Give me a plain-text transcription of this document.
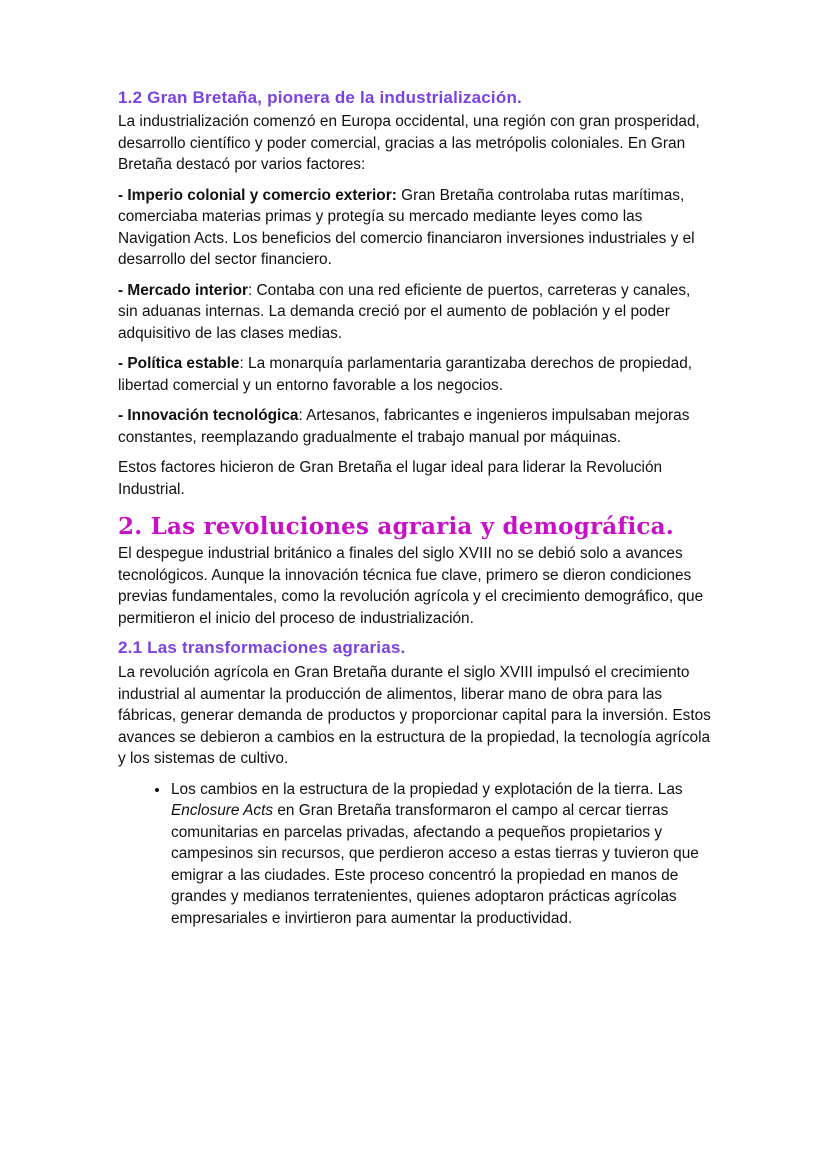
1.2 Gran Bretaña, pionera de la industrialización.

La industrialización comenzó en Europa occidental, una región con gran prosperidad, desarrollo científico y poder comercial, gracias a las metrópolis coloniales. En Gran Bretaña destacó por varios factores:

- Imperio colonial y comercio exterior: Gran Bretaña controlaba rutas marítimas, comerciaba materias primas y protegía su mercado mediante leyes como las Navigation Acts. Los beneficios del comercio financiaron inversiones industriales y el desarrollo del sector financiero.

- Mercado interior: Contaba con una red eficiente de puertos, carreteras y canales, sin aduanas internas. La demanda creció por el aumento de población y el poder adquisitivo de las clases medias.

- Política estable: La monarquía parlamentaria garantizaba derechos de propiedad, libertad comercial y un entorno favorable a los negocios.

- Innovación tecnológica: Artesanos, fabricantes e ingenieros impulsaban mejoras constantes, reemplazando gradualmente el trabajo manual por máquinas.

Estos factores hicieron de Gran Bretaña el lugar ideal para liderar la Revolución Industrial.

2. Las revoluciones agraria y demográfica.

El despegue industrial británico a finales del siglo XVIII no se debió solo a avances tecnológicos. Aunque la innovación técnica fue clave, primero se dieron condiciones previas fundamentales, como la revolución agrícola y el crecimiento demográfico, que permitieron el inicio del proceso de industrialización.

2.1 Las transformaciones agrarias.

La revolución agrícola en Gran Bretaña durante el siglo XVIII impulsó el crecimiento industrial al aumentar la producción de alimentos, liberar mano de obra para las fábricas, generar demanda de productos y proporcionar capital para la inversión. Estos avances se debieron a cambios en la estructura de la propiedad, la tecnología agrícola y los sistemas de cultivo.

• Los cambios en la estructura de la propiedad y explotación de la tierra. Las Enclosure Acts en Gran Bretaña transformaron el campo al cercar tierras comunitarias en parcelas privadas, afectando a pequeños propietarios y campesinos sin recursos, que perdieron acceso a estas tierras y tuvieron que emigrar a las ciudades. Este proceso concentró la propiedad en manos de grandes y medianos terratenientes, quienes adoptaron prácticas agrícolas empresariales e invirtieron para aumentar la productividad.
